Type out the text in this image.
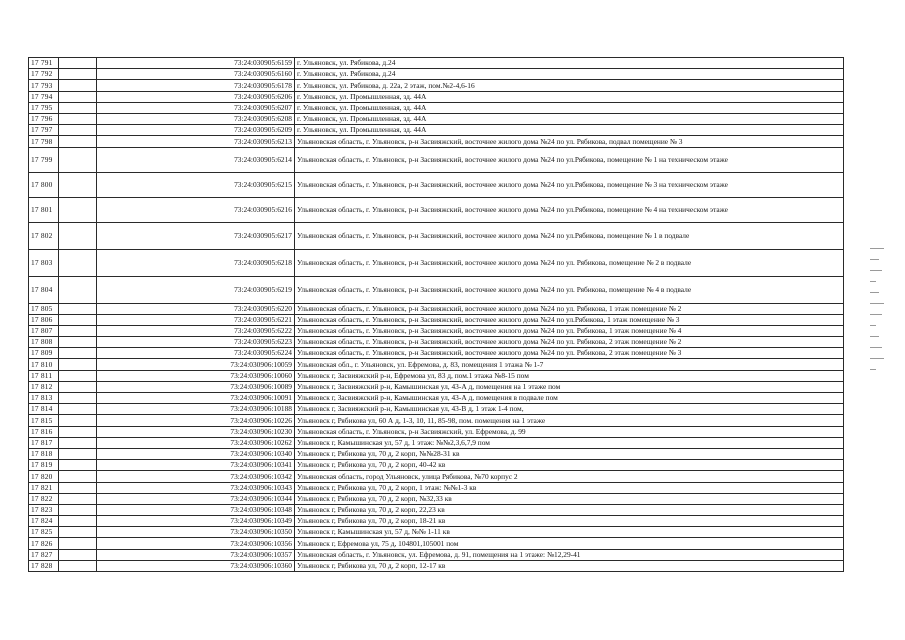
17 791		73:24:030905:6159	г. Ульяновск, ул. Рябикова, д.24
17 792		73:24:030905:6160	г. Ульяновск, ул. Рябикова, д.24
17 793		73:24:030905:6178	г. Ульяновск, ул. Рябикова, д. 22а, 2 этаж, пом.№2-4,6-16
17 794		73:24:030905:6206	г. Ульяновск, ул. Промышленная, зд. 44А
17 795		73:24:030905:6207	г. Ульяновск, ул. Промышленная, зд. 44А
17 796		73:24:030905:6208	г. Ульяновск, ул. Промышленная, зд. 44А
17 797		73:24:030905:6209	г. Ульяновск, ул. Промышленная, зд. 44А
17 798		73:24:030905:6213	Ульяновская область, г. Ульяновск, р-н Засвияжский, восточнее жилого дома №24 по ул. Рябикова, подвал помещение № 3
17 799		73:24:030905:6214	Ульяновская область, г. Ульяновск, р-н Засвияжский, восточнее жилого дома №24 по ул.Рябикова, помещение № 1 на техническом этаже
17 800		73:24:030905:6215	Ульяновская область, г. Ульяновск, р-н Засвияжский, восточнее жилого дома №24 по ул.Рябикова, помещение № 3 на техническом этаже
17 801		73:24:030905:6216	Ульяновская область, г. Ульяновск, р-н Засвияжский, восточнее жилого дома №24 по ул.Рябикова, помещение № 4 на техническом этаже
17 802		73:24:030905:6217	Ульяновская область, г. Ульяновск, р-н Засвияжский, восточнее жилого дома №24 по ул.Рябикова, помещение № 1 в подвале
17 803		73:24:030905:6218	Ульяновская область, г. Ульяновск, р-н Засвияжский, восточнее жилого дома №24 по ул. Рябикова, помещение № 2 в подвале
17 804		73:24:030905:6219	Ульяновская область, г. Ульяновск, р-н Засвияжский, восточнее жилого дома №24 по ул. Рябикова, помещение № 4 в подвале
17 805		73:24:030905:6220	Ульяновская область, г. Ульяновск, р-н Засвияжский, восточнее жилого дома №24 по ул. Рябикова, 1 этаж помещение № 2
17 806		73:24:030905:6221	Ульяновская область, г. Ульяновск, р-н Засвияжский, восточнее жилого дома №24 по ул.Рябикова, 1 этаж помещение № 3
17 807		73:24:030905:6222	Ульяновская область, г. Ульяновск, р-н Засвияжский, восточнее жилого дома №24 по ул. Рябикова, 1 этаж помещение № 4
17 808		73:24:030905:6223	Ульяновская область, г. Ульяновск, р-н Засвияжский, восточнее жилого дома №24 по ул. Рябикова, 2 этаж помещение № 2
17 809		73:24:030905:6224	Ульяновская область, г. Ульяновск, р-н Засвияжский, восточнее жилого дома №24 по ул. Рябикова, 2 этаж помещение № 3
17 810		73:24:030906:10059	Ульяновская обл., г. Ульяновск, ул. Ефремова, д. 83, помещения 1 этажа № 1-7
17 811		73:24:030906:10060	Ульяновск г, Засвияжский р-н, Ефремова ул, 83 д, пом.1 этажа №8-15 пом
17 812		73:24:030906:10089	Ульяновск г, Засвияжский р-н, Камышинская ул, 43-А д, помещения на 1 этаже пом
17 813		73:24:030906:10091	Ульяновск г, Засвияжский р-н, Камышинская ул, 43-А д, помещения в подвале пом
17 814		73:24:030906:10188	Ульяновск г, Засвияжский р-н, Камышинская ул, 43-В д, 1 этаж 1-4 пом,
17 815		73:24:030906:10226	Ульяновск г, Рябикова ул, 60 А д, 1-3, 10, 11, 85-98, пом. помещения на 1 этаже
17 816		73:24:030906:10230	Ульяновская область, г. Ульяновск, р-н Засвияжский, ул. Ефремова, д. 99
17 817		73:24:030906:10262	Ульяновск г, Камышинская ул, 57 д, 1 этаж: №№2,3,6,7,9 пом
17 818		73:24:030906:10340	Ульяновск г, Рябикова ул, 70 д, 2 корп, №№28-31 кв
17 819		73:24:030906:10341	Ульяновск г, Рябикова ул, 70 д, 2 корп, 40-42 кв
17 820		73:24:030906:10342	Ульяновская область, город Ульяновск, улица Рябикова, №70 корпус 2
17 821		73:24:030906:10343	Ульяновск г, Рябикова ул, 70 д, 2 корп, 1 этаж: №№1-3 кв
17 822		73:24:030906:10344	Ульяновск г, Рябикова ул, 70 д, 2 корп, №32,33 кв
17 823		73:24:030906:10348	Ульяновск г, Рябикова ул, 70 д, 2 корп, 22,23 кв
17 824		73:24:030906:10349	Ульяновск г, Рябикова ул, 70 д, 2 корп, 18-21 кв
17 825		73:24:030906:10350	Ульяновск г, Камышинская ул, 57 д, №№ 1-11 кв
17 826		73:24:030906:10356	Ульяновск г, Ефремова ул, 75 д, 104801,105001 пом
17 827		73:24:030906:10357	Ульяновская область, г. Ульяновск, ул. Ефремова, д. 91, помещения на 1 этаже: №12,29-41
17 828		73:24:030906:10360	Ульяновск г, Рябикова ул, 70 д, 2 корп, 12-17 кв
